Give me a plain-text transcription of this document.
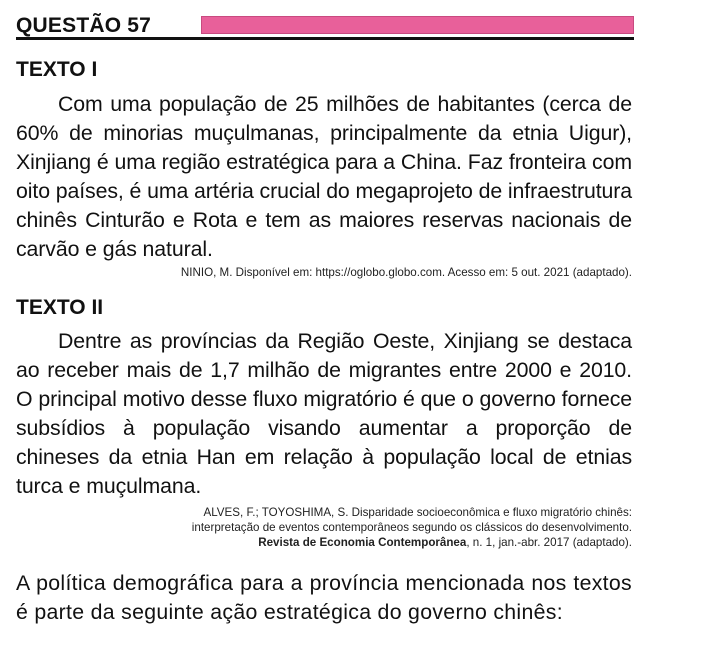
QUESTÃO 57
TEXTO I

Com uma população de 25 milhões de habitantes (cerca de 60% de minorias muçulmanas, principalmente da etnia Uigur), Xinjiang é uma região estratégica para a China. Faz fronteira com oito países, é uma artéria crucial do megaprojeto de infraestrutura chinês Cinturão e Rota e tem as maiores reservas nacionais de carvão e gás natural.

NINIO, M. Disponível em: https://oglobo.globo.com. Acesso em: 5 out. 2021 (adaptado).
TEXTO II

Dentre as províncias da Região Oeste, Xinjiang se destaca ao receber mais de 1,7 milhão de migrantes entre 2000 e 2010. O principal motivo desse fluxo migratório é que o governo fornece subsídios à população visando aumentar a proporção de chineses da etnia Han em relação à população local de etnias turca e muçulmana.

ALVES, F.; TOYOSHIMA, S. Disparidade socioeconômica e fluxo migratório chinês:
interpretação de eventos contemporâneos segundo os clássicos do desenvolvimento.
Revista de Economia Contemporânea, n. 1, jan.-abr. 2017 (adaptado).

A política demográfica para a província mencionada nos textos é parte da seguinte ação estratégica do governo chinês:
